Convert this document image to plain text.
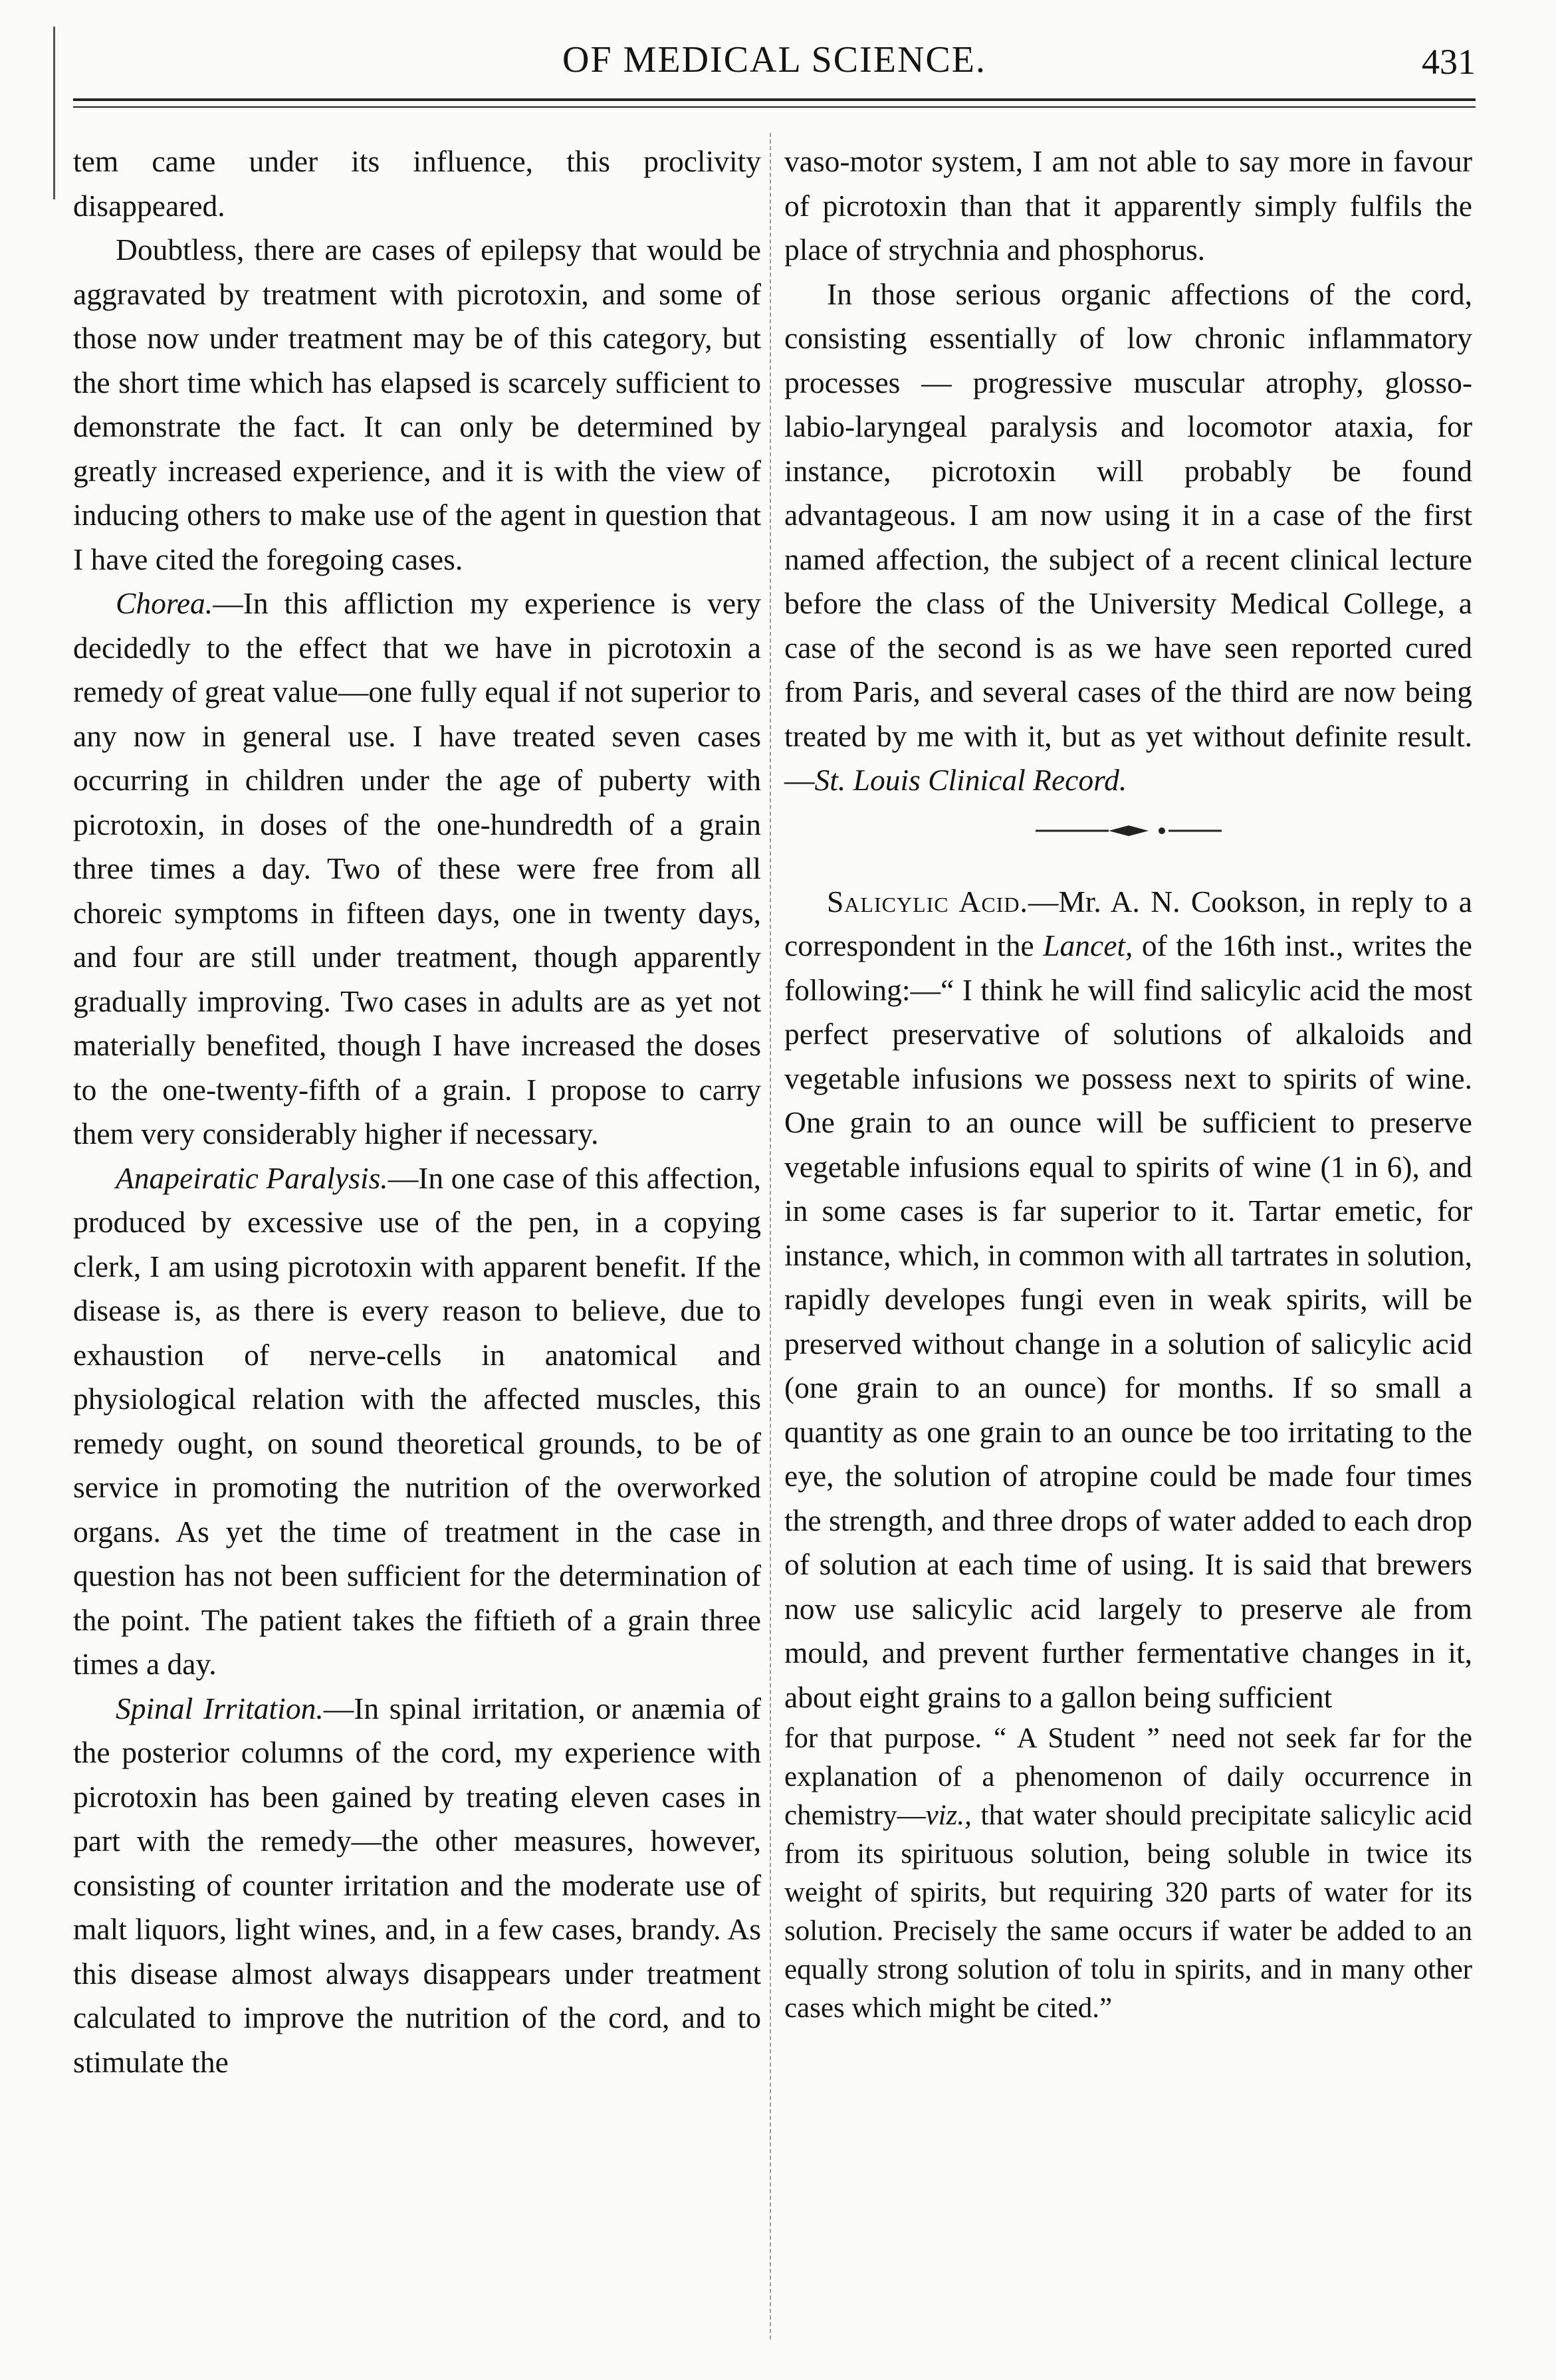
OF MEDICAL SCIENCE.	431

tem came under its influence, this proclivity disappeared.

Doubtless, there are cases of epilepsy that would be aggravated by treatment with picrotoxin, and some of those now under treatment may be of this category, but the short time which has elapsed is scarcely sufficient to demonstrate the fact. It can only be determined by greatly increased experience, and it is with the view of inducing others to make use of the agent in question that I have cited the foregoing cases.

Chorea.—In this affliction my experience is very decidedly to the effect that we have in picrotoxin a remedy of great value—one fully equal if not superior to any now in general use. I have treated seven cases occurring in children under the age of puberty with picrotoxin, in doses of the one-hundredth of a grain three times a day. Two of these were free from all choreic symptoms in fifteen days, one in twenty days, and four are still under treatment, though apparently gradually improving. Two cases in adults are as yet not materially benefited, though I have increased the doses to the one-twenty-fifth of a grain. I propose to carry them very considerably higher if necessary.

Anapeiratic Paralysis.—In one case of this affection, produced by excessive use of the pen, in a copying clerk, I am using picrotoxin with apparent benefit. If the disease is, as there is every reason to believe, due to exhaustion of nerve-cells in anatomical and physiological relation with the affected muscles, this remedy ought, on sound theoretical grounds, to be of service in promoting the nutrition of the overworked organs. As yet the time of treatment in the case in question has not been sufficient for the determination of the point. The patient takes the fiftieth of a grain three times a day.

Spinal Irritation.—In spinal irritation, or anæmia of the posterior columns of the cord, my experience with picrotoxin has been gained by treating eleven cases in part with the remedy—the other measures, however, consisting of counter irritation and the moderate use of malt liquors, light wines, and, in a few cases, brandy. As this disease almost always disappears under treatment calculated to improve the nutrition of the cord, and to stimulate the

vaso-motor system, I am not able to say more in favour of picrotoxin than that it apparently simply fulfils the place of strychnia and phosphorus.

In those serious organic affections of the cord, consisting essentially of low chronic inflammatory processes — progressive muscular atrophy, glosso-labio-laryngeal paralysis and locomotor ataxia, for instance, picrotoxin will probably be found advantageous. I am now using it in a case of the first named affection, the subject of a recent clinical lecture before the class of the University Medical College, a case of the second is as we have seen reported cured from Paris, and several cases of the third are now being treated by me with it, but as yet without definite result.—St. Louis Clinical Record.

Salicylic Acid.—Mr. A. N. Cookson, in reply to a correspondent in the Lancet, of the 16th inst., writes the following:—“ I think he will find salicylic acid the most perfect preservative of solutions of alkaloids and vegetable infusions we possess next to spirits of wine. One grain to an ounce will be sufficient to preserve vegetable infusions equal to spirits of wine (1 in 6), and in some cases is far superior to it. Tartar emetic, for instance, which, in common with all tartrates in solution, rapidly developes fungi even in weak spirits, will be preserved without change in a solution of salicylic acid (one grain to an ounce) for months. If so small a quantity as one grain to an ounce be too irritating to the eye, the solution of atropine could be made four times the strength, and three drops of water added to each drop of solution at each time of using. It is said that brewers now use salicylic acid largely to preserve ale from mould, and prevent further fermentative changes in it, about eight grains to a gallon being sufficient

for that purpose. “ A Student ” need not seek far for the explanation of a phenomenon of daily occurrence in chemistry—viz., that water should precipitate salicylic acid from its spirituous solution, being soluble in twice its weight of spirits, but requiring 320 parts of water for its solution. Precisely the same occurs if water be added to an equally strong solution of tolu in spirits, and in many other cases which might be cited.”
